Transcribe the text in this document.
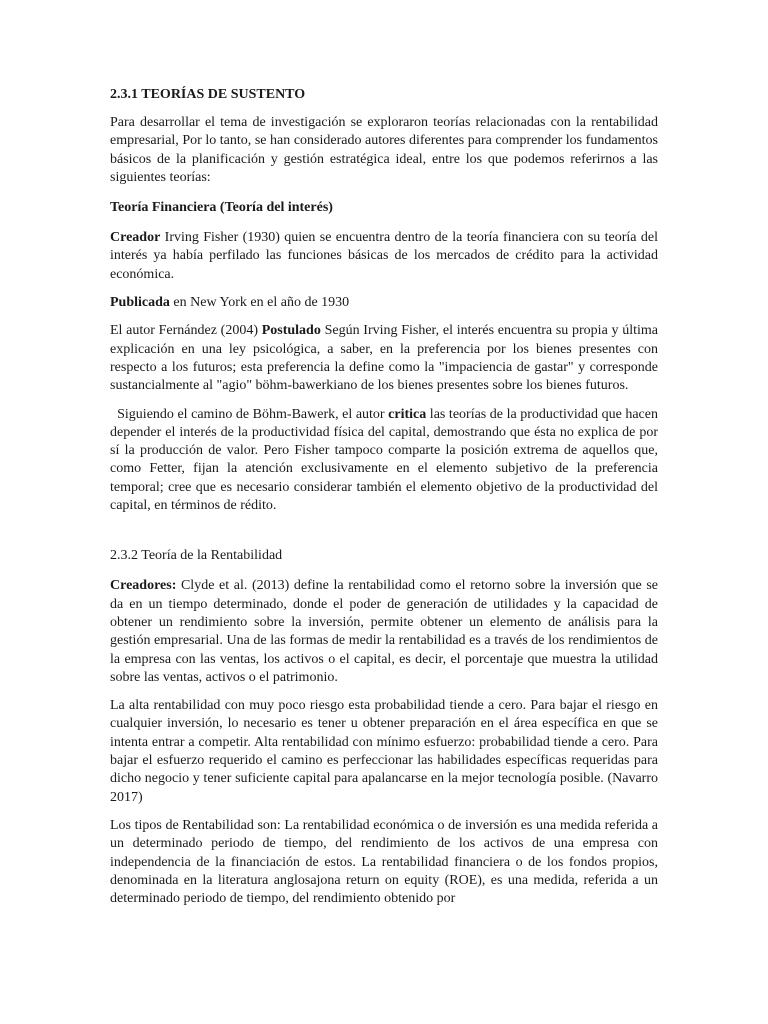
2.3.1 TEORÍAS DE SUSTENTO

Para desarrollar el tema de investigación se exploraron teorías relacionadas con la rentabilidad empresarial, Por lo tanto, se han considerado autores diferentes para comprender los fundamentos básicos de la planificación y gestión estratégica ideal, entre los que podemos referirnos a las siguientes teorías:

Teoría Financiera (Teoría del interés)

Creador Irving Fisher (1930) quien se encuentra dentro de la teoría financiera con su teoría del interés ya había perfilado las funciones básicas de los mercados de crédito para la actividad económica.

Publicada en New York en el año de 1930

El autor Fernández (2004) Postulado Según Irving Fisher, el interés encuentra su propia y última explicación en una ley psicológica, a saber, en la preferencia por los bienes presentes con respecto a los futuros; esta preferencia la define como la "impaciencia de gastar" y corresponde sustancialmente al "agio" böhm-bawerkiano de los bienes presentes sobre los bienes futuros.

Siguiendo el camino de Böhm-Bawerk, el autor critica las teorías de la productividad que hacen depender el interés de la productividad física del capital, demostrando que ésta no explica de por sí la producción de valor. Pero Fisher tampoco comparte la posición extrema de aquellos que, como Fetter, fijan la atención exclusivamente en el elemento subjetivo de la preferencia temporal; cree que es necesario considerar también el elemento objetivo de la productividad del capital, en términos de rédito.

2.3.2 Teoría de la Rentabilidad

Creadores: Clyde et al. (2013) define la rentabilidad como el retorno sobre la inversión que se da en un tiempo determinado, donde el poder de generación de utilidades y la capacidad de obtener un rendimiento sobre la inversión, permite obtener un elemento de análisis para la gestión empresarial. Una de las formas de medir la rentabilidad es a través de los rendimientos de la empresa con las ventas, los activos o el capital, es decir, el porcentaje que muestra la utilidad sobre las ventas, activos o el patrimonio.

La alta rentabilidad con muy poco riesgo esta probabilidad tiende a cero. Para bajar el riesgo en cualquier inversión, lo necesario es tener u obtener preparación en el área específica en que se intenta entrar a competir. Alta rentabilidad con mínimo esfuerzo: probabilidad tiende a cero. Para bajar el esfuerzo requerido el camino es perfeccionar las habilidades específicas requeridas para dicho negocio y tener suficiente capital para apalancarse en la mejor tecnología posible. (Navarro 2017)

Los tipos de Rentabilidad son: La rentabilidad económica o de inversión es una medida referida a un determinado periodo de tiempo, del rendimiento de los activos de una empresa con independencia de la financiación de estos. La rentabilidad financiera o de los fondos propios, denominada en la literatura anglosajona return on equity (ROE), es una medida, referida a un determinado periodo de tiempo, del rendimiento obtenido por
